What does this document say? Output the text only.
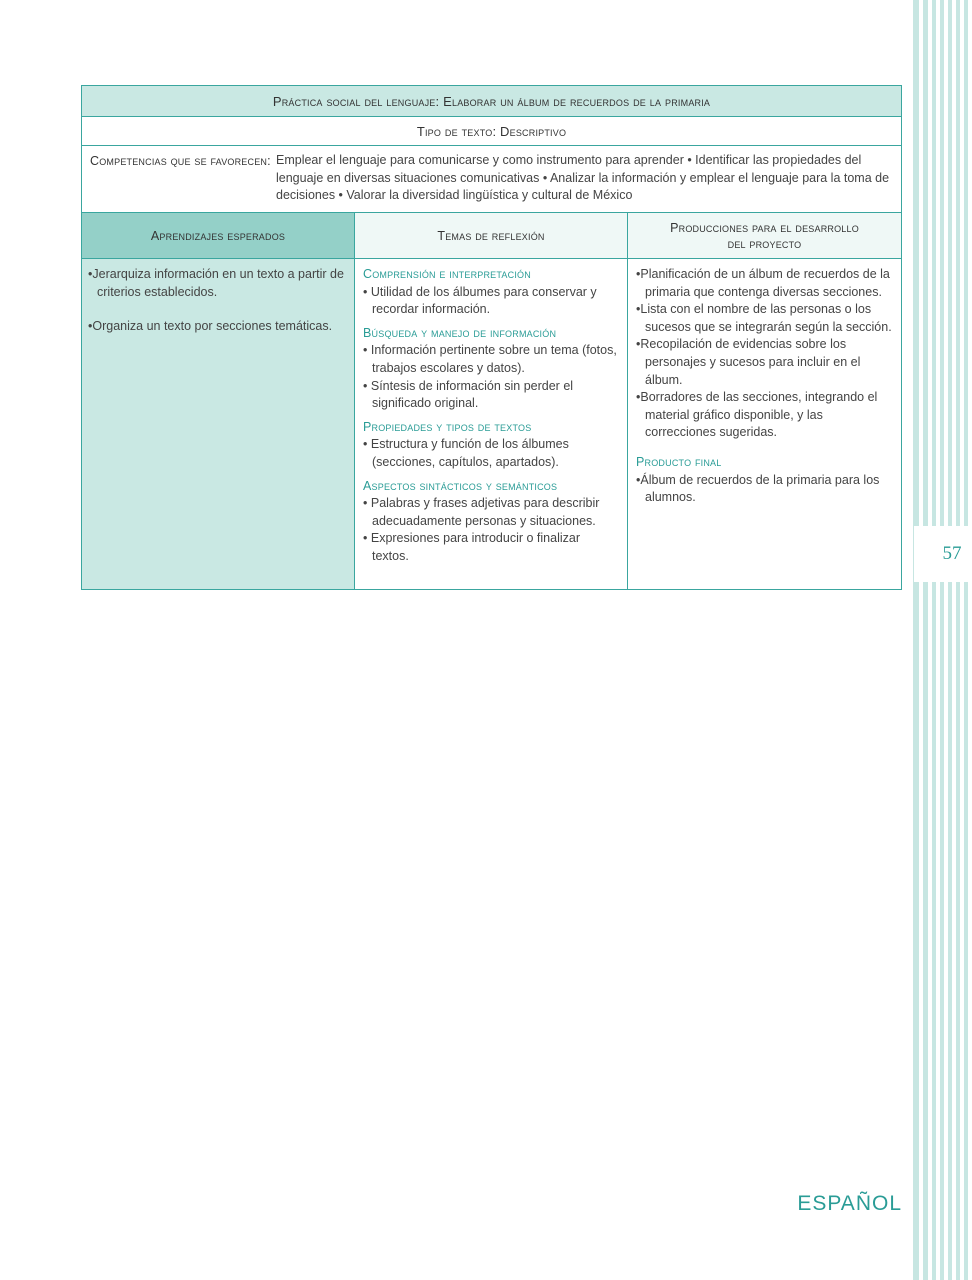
57
Práctica social del lenguaje: Elaborar un álbum de recuerdos de la primaria
Tipo de texto: Descriptivo
Competencias que se favorecen: Emplear el lenguaje para comunicarse y como instrumento para aprender • Identificar las propiedades del lenguaje en diversas situaciones comunicativas • Analizar la información y emplear el lenguaje para la toma de decisiones • Valorar la diversidad lingüística y cultural de México
Aprendizajes esperados	Temas de reflexión
Producciones para el desarrollo
del proyecto
•Jerarquiza información en un texto a partir de criterios establecidos.
•Organiza un texto por secciones temáticas.
Comprensión e interpretación
• Utilidad de los álbumes para conservar y recordar información.
Búsqueda y manejo de información
• Información pertinente sobre un tema (fotos, trabajos escolares y datos).
• Síntesis de información sin perder el significado original.
Propiedades y tipos de textos
• Estructura y función de los álbumes (secciones, capítulos, apartados).
Aspectos sintácticos y semánticos
• Palabras y frases adjetivas para describir adecuadamente personas y situaciones.
• Expresiones para introducir o finalizar textos.
•Planificación de un álbum de recuerdos de la primaria que contenga diversas secciones.
•Lista con el nombre de las personas o los sucesos que se integrarán según la sección.
•Recopilación de evidencias sobre los personajes y sucesos para incluir en el álbum.
•Borradores de las secciones, integrando el material gráfico disponible, y las correcciones sugeridas.
Producto final
•Álbum de recuerdos de la primaria para los alumnos.
ESPAÑOL
